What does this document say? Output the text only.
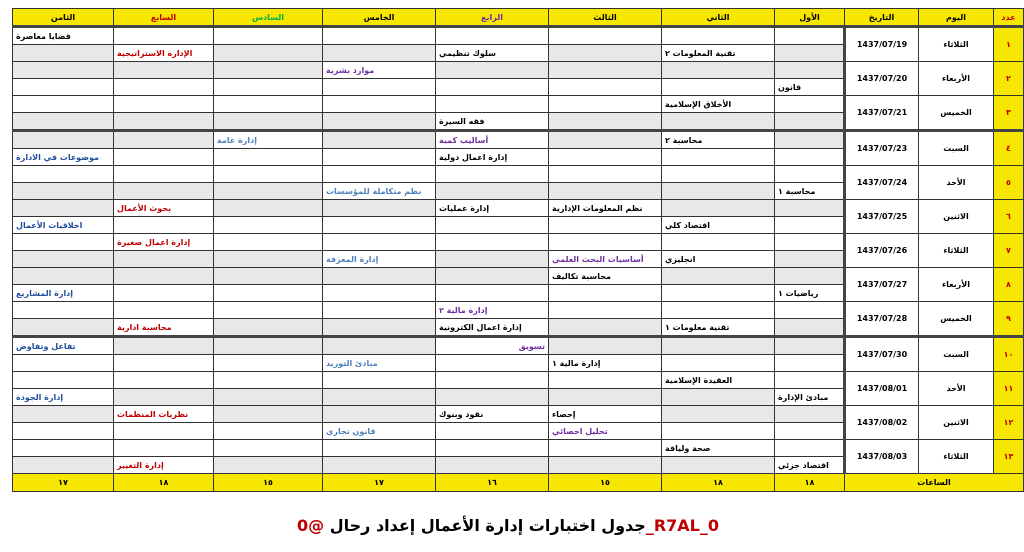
عدد	اليوم	التاريخ	الأول	الثاني	الثالث	الرابع	الخامس	السادس	السابع	الثامن
١	الثلاثاء	1437/07/19								قضايا معاصرة
				تقنية المعلومات ٢		سلوك تنظيمي			الإدارة الاستراتيجية	
٢	الأربعاء	1437/07/20					موارد بشرية			
			قانون							
٣	الخميس	1437/07/21		الأخلاق الإسلامية						
						فقه السيرة				
٤	السبت	1437/07/23		محاسبة ٢		أساليب كمية		إدارة عامة		
						إدارة اعمال دولية				موضوعات في الادارة
٥	الأحد	1437/07/24								
			محاسبة ١				نظم متكاملة للمؤسسات			
٦	الاثنين	1437/07/25			نظم المعلومات الإدارية	إدارة عمليات			بحوث الأعمال	
				اقتصاد كلي						اخلاقيات الأعمال
٧	الثلاثاء	1437/07/26							إدارة اعمال صغيرة	
				انجليزي	أساسيات البحث العلمي		إدارة المعرفة			
٨	الأربعاء	1437/07/27			محاسبة تكاليف					
			رياضيات ١							إدارة المشاريع
٩	الخميس	1437/07/28				إدارة مالية ٢				
				تقنية معلومات ١		إدارة اعمال الكترونية			محاسبة ادارية	
١٠	السبت	1437/07/30				تسويق				تفاعل وتفاوض
					إدارة مالية ١		مبادئ التوريد			
١١	الأحد	1437/08/01		العقيدة الإسلامية						
			مبادئ الإدارة							إدارة الجودة
١٢	الاثنين	1437/08/02			إحصاء	نقود وبنوك			نظريات المنظمات	
					تحليل احصائي		قانون تجاري			
١٣	الثلاثاء	1437/08/03		صحة ولياقة						
			اقتصاد جزئي						إدارة التغيير	
الساعات			١٨	١٨	١٥	١٦	١٧	١٥	١٨	١٧
جدول اختبارات إدارة الأعمال إعداد رحال @0_R7AL_0
